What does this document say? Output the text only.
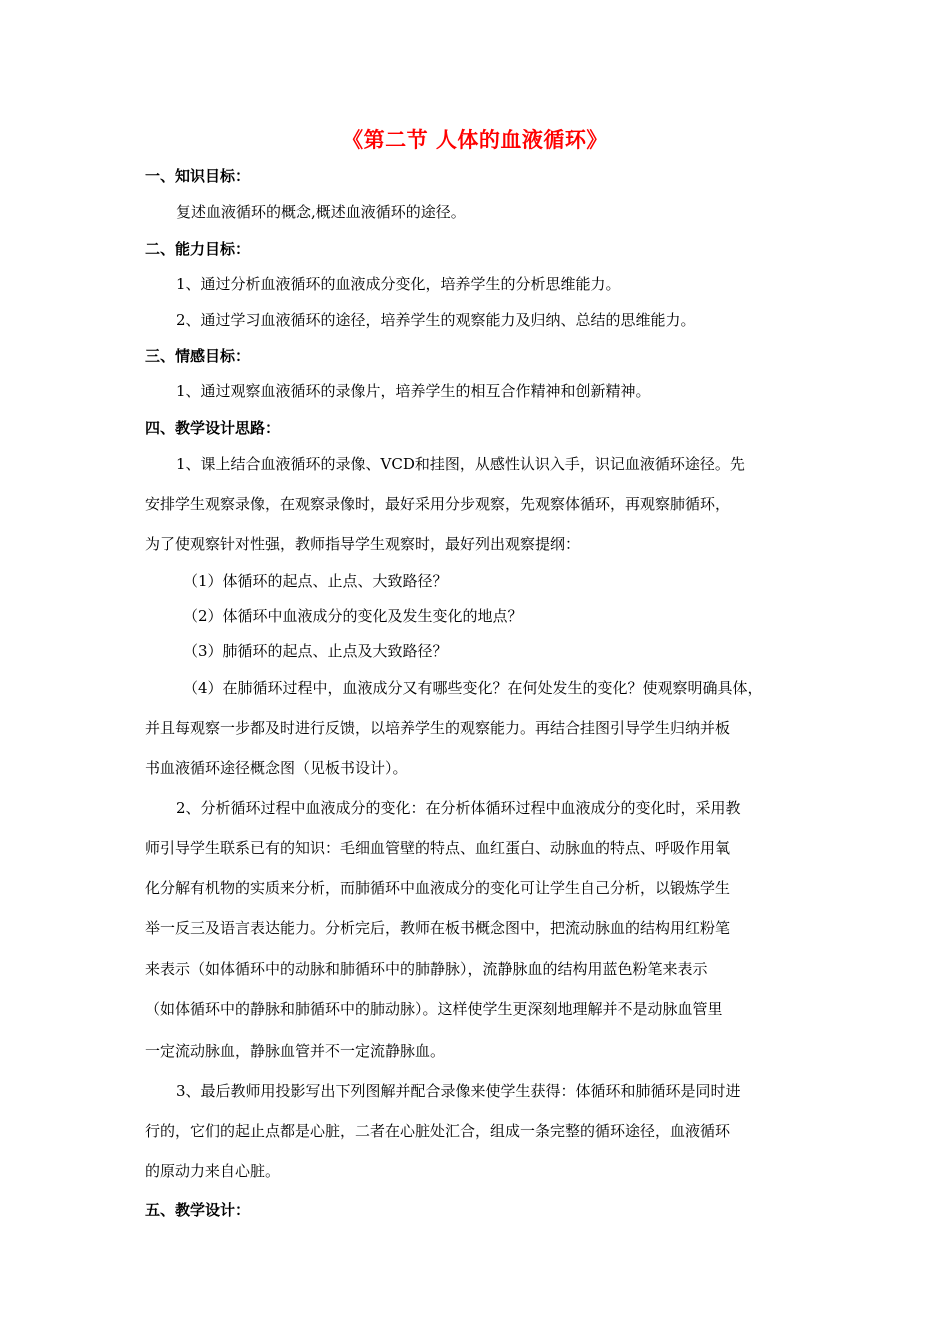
《第二节 人体的血液循环》
一、知识目标：
复述血液循环的概念,概述血液循环的途径。
二、能力目标：
1、通过分析血液循环的血液成分变化，培养学生的分析思维能力。
2、通过学习血液循环的途径，培养学生的观察能力及归纳、总结的思维能力。
三、情感目标：
1、通过观察血液循环的录像片，培养学生的相互合作精神和创新精神。
四、教学设计思路：
1、课上结合血液循环的录像、VCD和挂图，从感性认识入手，识记血液循环途径。先
安排学生观察录像，在观察录像时，最好采用分步观察，先观察体循环，再观察肺循环，
为了使观察针对性强，教师指导学生观察时，最好列出观察提纲：
（1）体循环的起点、止点、大致路径？
（2）体循环中血液成分的变化及发生变化的地点？
（3）肺循环的起点、止点及大致路径？
（4）在肺循环过程中，血液成分又有哪些变化？在何处发生的变化？使观察明确具体，
并且每观察一步都及时进行反馈，以培养学生的观察能力。再结合挂图引导学生归纳并板
书血液循环途径概念图（见板书设计）。
2、分析循环过程中血液成分的变化：在分析体循环过程中血液成分的变化时，采用教
师引导学生联系已有的知识：毛细血管壁的特点、血红蛋白、动脉血的特点、呼吸作用氧
化分解有机物的实质来分析，而肺循环中血液成分的变化可让学生自己分析，以锻炼学生
举一反三及语言表达能力。分析完后，教师在板书概念图中，把流动脉血的结构用红粉笔
来表示（如体循环中的动脉和肺循环中的肺静脉），流静脉血的结构用蓝色粉笔来表示
（如体循环中的静脉和肺循环中的肺动脉）。这样使学生更深刻地理解并不是动脉血管里
一定流动脉血，静脉血管并不一定流静脉血。
3、最后教师用投影写出下列图解并配合录像来使学生获得：体循环和肺循环是同时进
行的，它们的起止点都是心脏，二者在心脏处汇合，组成一条完整的循环途径，血液循环
的原动力来自心脏。
五、教学设计：
